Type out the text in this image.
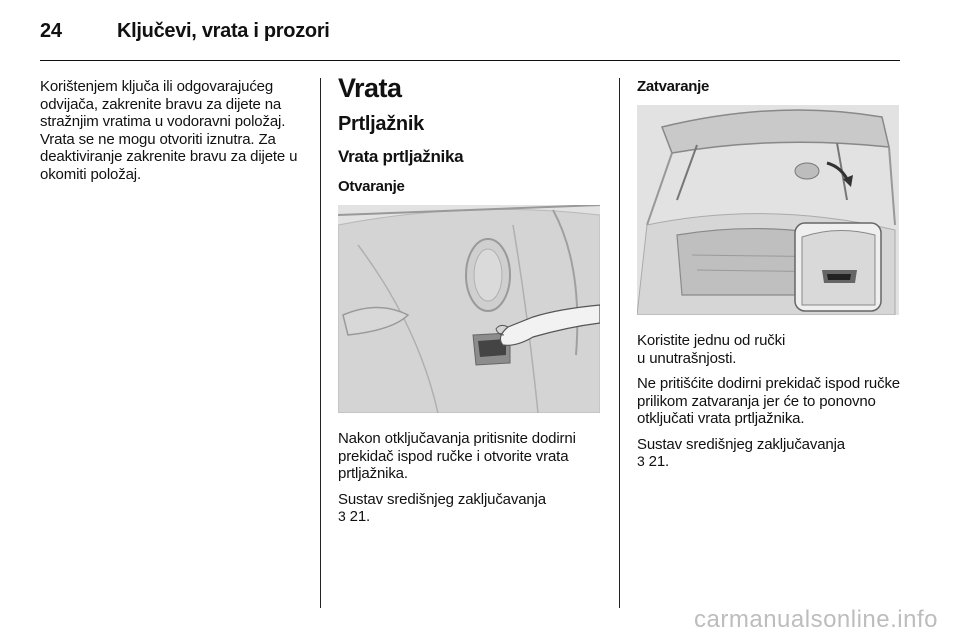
24	Ključevi, vrata i prozori

Korištenjem ključa ili odgovarajućeg odvijača, zakrenite bravu za dijete na stražnjim vratima u vodoravni položaj. Vrata se ne mogu otvoriti iznutra. Za deaktiviranje zakrenite bravu za dijete u okomiti položaj.

Vrata
Prtljažnik
Vrata prtljažnika
Otvaranje

Nakon otključavanja pritisnite dodirni prekidač ispod ručke i otvorite vrata prtljažnika.

Sustav središnjeg zaključavanja
3 21.

Zatvaranje

Koristite jednu od ručki
u unutrašnjosti.

Ne pritišćite dodirni prekidač ispod ručke prilikom zatvaranja jer će to ponovno otključati vrata prtljažnika.

Sustav središnjeg zaključavanja
3 21.

carmanualsonline.info
